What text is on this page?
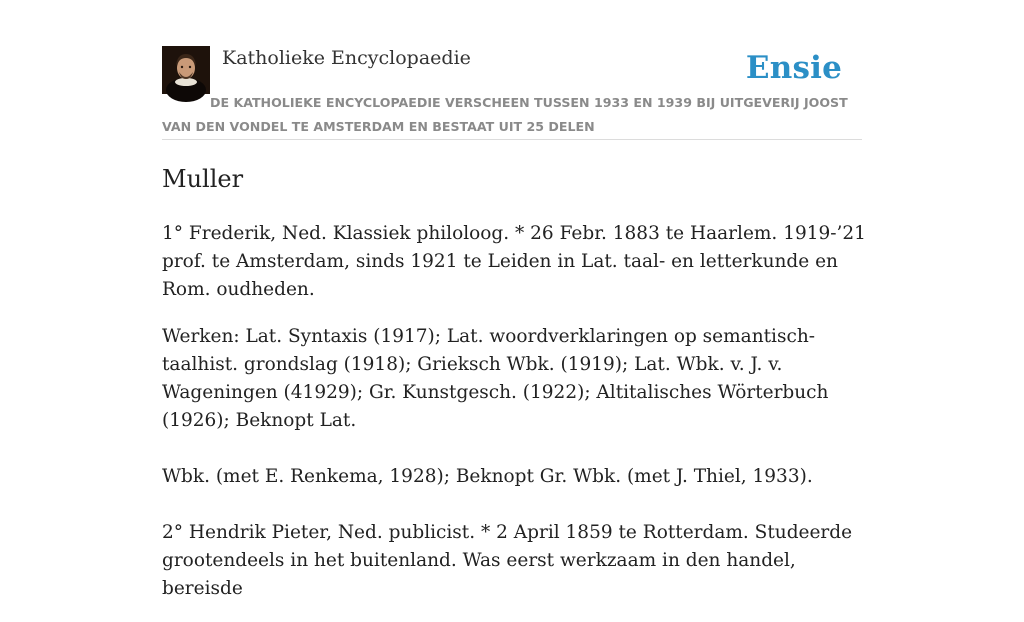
Katholieke Encyclopaedie	Ensie
DE KATHOLIEKE ENCYCLOPAEDIE VERSCHEEN TUSSEN 1933 EN 1939 BIJ UITGEVERIJ JOOST VAN DEN VONDEL TE AMSTERDAM EN BESTAAT UIT 25 DELEN
Muller

1° Frederik, Ned. Klassiek philoloog. * 26 Febr. 1883 te Haarlem. 1919-’21 prof. te Amsterdam, sinds 1921 te Leiden in Lat. taal- en letterkunde en Rom. oudheden.

Werken: Lat. Syntaxis (1917); Lat. woordverklaringen op semantisch-taalhist. grondslag (1918); Grieksch Wbk. (1919); Lat. Wbk. v. J. v. Wageningen (41929); Gr. Kunstgesch. (1922); Altitalisches Wörterbuch (1926); Beknopt Lat.

Wbk. (met E. Renkema, 1928); Beknopt Gr. Wbk. (met J. Thiel, 1933).

2° Hendrik Pieter, Ned. publicist. * 2 April 1859 te Rotterdam. Studeerde grootendeels in het buitenland. Was eerst werkzaam in den handel, bereisde
